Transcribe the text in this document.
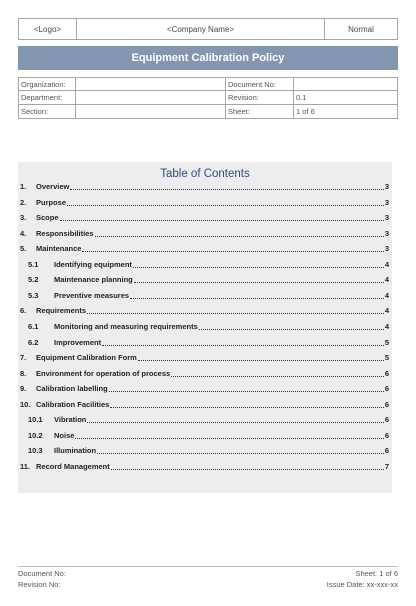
<Logo>	<Company Name>	Normal
Equipment Calibration Policy
Organization:	Document No:
Department:	Revision:	0.1
Section:	Sheet:	1 of 6
Table of Contents
1. Overview	3
2. Purpose	3
3. Scope	3
4. Responsibilities	3
5. Maintenance	3
5.1 Identifying equipment	4
5.2 Maintenance planning	4
5.3 Preventive measures	4
6. Requirements	4
6.1 Monitoring and measuring requirements	4
6.2 Improvement	5
7. Equipment Calibration Form	5
8. Environment for operation of process	6
9. Calibration labelling	6
10. Calibration Facilities	6
10.1 Vibration	6
10.2 Noise	6
10.3 Illumination	6
11. Record Management	7
Document No:	Sheet: 1 of 6
Revision No:	Issue Date: xx-xxx-xx
